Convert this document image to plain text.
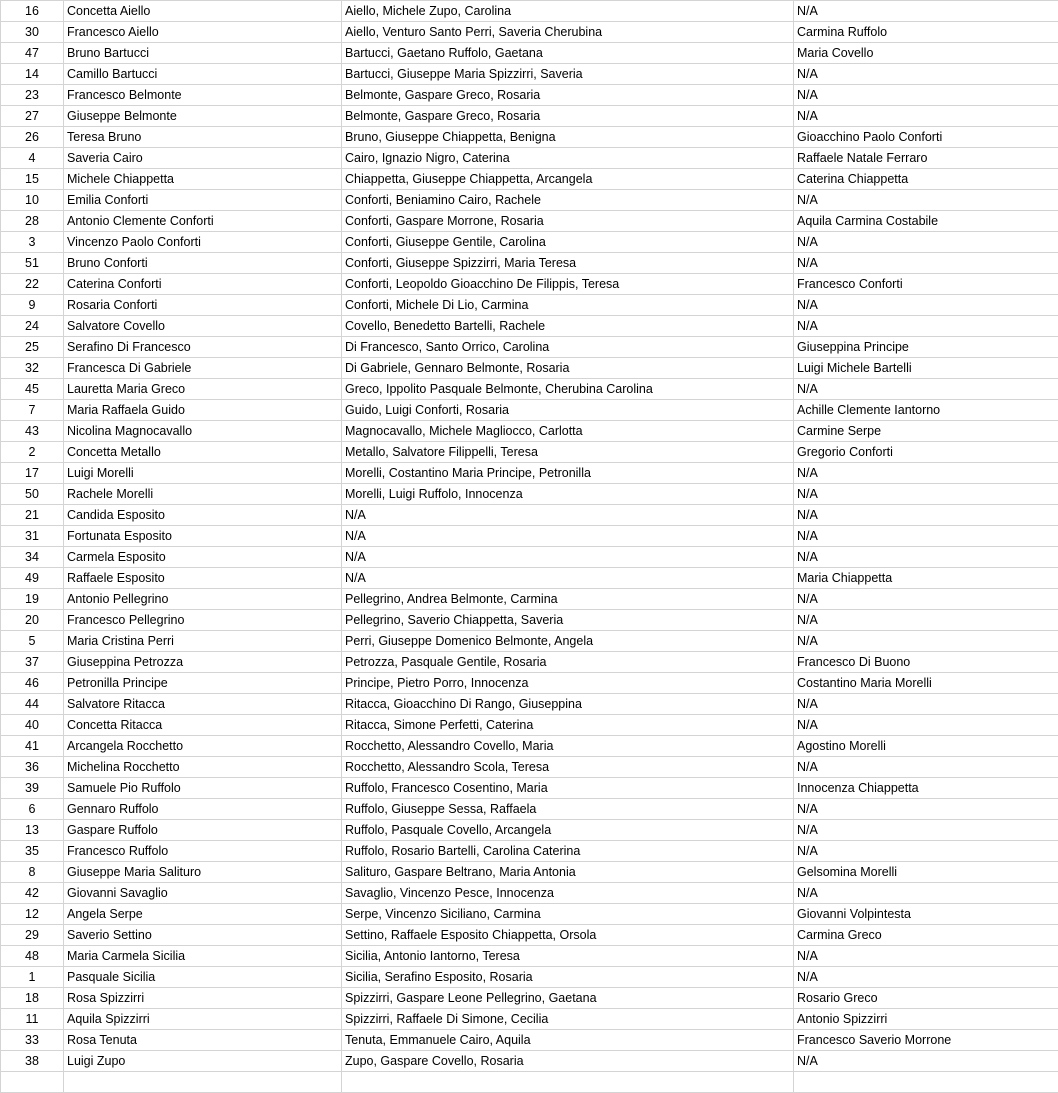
16	Concetta Aiello	Aiello, Michele Zupo, Carolina	N/A
30	Francesco Aiello	Aiello, Venturo Santo Perri, Saveria Cherubina	Carmina Ruffolo
47	Bruno Bartucci	Bartucci, Gaetano Ruffolo, Gaetana	Maria Covello
14	Camillo Bartucci	Bartucci, Giuseppe Maria Spizzirri, Saveria	N/A
23	Francesco Belmonte	Belmonte, Gaspare Greco, Rosaria	N/A
27	Giuseppe Belmonte	Belmonte, Gaspare Greco, Rosaria	N/A
26	Teresa Bruno	Bruno, Giuseppe Chiappetta, Benigna	Gioacchino Paolo Conforti
4	Saveria Cairo	Cairo, Ignazio Nigro, Caterina	Raffaele Natale Ferraro
15	Michele Chiappetta	Chiappetta, Giuseppe Chiappetta, Arcangela	Caterina Chiappetta
10	Emilia Conforti	Conforti, Beniamino Cairo, Rachele	N/A
28	Antonio Clemente Conforti	Conforti, Gaspare Morrone, Rosaria	Aquila Carmina Costabile
3	Vincenzo Paolo Conforti	Conforti, Giuseppe Gentile, Carolina	N/A
51	Bruno Conforti	Conforti, Giuseppe Spizzirri, Maria Teresa	N/A
22	Caterina Conforti	Conforti, Leopoldo Gioacchino De Filippis, Teresa	Francesco Conforti
9	Rosaria Conforti	Conforti, Michele Di Lio, Carmina	N/A
24	Salvatore Covello	Covello, Benedetto Bartelli, Rachele	N/A
25	Serafino Di Francesco	Di Francesco, Santo Orrico, Carolina	Giuseppina Principe
32	Francesca Di Gabriele	Di Gabriele, Gennaro Belmonte, Rosaria	Luigi Michele Bartelli
45	Lauretta Maria Greco	Greco, Ippolito Pasquale Belmonte, Cherubina Carolina	N/A
7	Maria Raffaela Guido	Guido, Luigi Conforti, Rosaria	Achille Clemente Iantorno
43	Nicolina Magnocavallo	Magnocavallo, Michele Magliocco, Carlotta	Carmine Serpe
2	Concetta Metallo	Metallo, Salvatore Filippelli, Teresa	Gregorio Conforti
17	Luigi Morelli	Morelli, Costantino Maria Principe, Petronilla	N/A
50	Rachele Morelli	Morelli, Luigi Ruffolo, Innocenza	N/A
21	Candida Esposito	N/A	N/A
31	Fortunata Esposito	N/A	N/A
34	Carmela Esposito	N/A	N/A
49	Raffaele Esposito	N/A	Maria Chiappetta
19	Antonio Pellegrino	Pellegrino, Andrea Belmonte, Carmina	N/A
20	Francesco Pellegrino	Pellegrino, Saverio Chiappetta, Saveria	N/A
5	Maria Cristina Perri	Perri, Giuseppe Domenico Belmonte, Angela	N/A
37	Giuseppina Petrozza	Petrozza, Pasquale Gentile, Rosaria	Francesco Di Buono
46	Petronilla Principe	Principe, Pietro Porro, Innocenza	Costantino Maria Morelli
44	Salvatore Ritacca	Ritacca, Gioacchino Di Rango, Giuseppina	N/A
40	Concetta Ritacca	Ritacca, Simone Perfetti, Caterina	N/A
41	Arcangela Rocchetto	Rocchetto, Alessandro Covello, Maria	Agostino Morelli
36	Michelina Rocchetto	Rocchetto, Alessandro Scola, Teresa	N/A
39	Samuele Pio Ruffolo	Ruffolo, Francesco Cosentino, Maria	Innocenza Chiappetta
6	Gennaro Ruffolo	Ruffolo, Giuseppe Sessa, Raffaela	N/A
13	Gaspare Ruffolo	Ruffolo, Pasquale Covello, Arcangela	N/A
35	Francesco Ruffolo	Ruffolo, Rosario Bartelli, Carolina Caterina	N/A
8	Giuseppe Maria Salituro	Salituro, Gaspare Beltrano, Maria Antonia	Gelsomina Morelli
42	Giovanni Savaglio	Savaglio, Vincenzo Pesce, Innocenza	N/A
12	Angela Serpe	Serpe, Vincenzo Siciliano, Carmina	Giovanni Volpintesta
29	Saverio Settino	Settino, Raffaele Esposito Chiappetta, Orsola	Carmina Greco
48	Maria Carmela Sicilia	Sicilia, Antonio Iantorno, Teresa	N/A
1	Pasquale Sicilia	Sicilia, Serafino Esposito, Rosaria	N/A
18	Rosa Spizzirri	Spizzirri, Gaspare Leone Pellegrino, Gaetana	Rosario Greco
11	Aquila Spizzirri	Spizzirri, Raffaele Di Simone, Cecilia	Antonio Spizzirri
33	Rosa Tenuta	Tenuta, Emmanuele Cairo, Aquila	Francesco Saverio Morrone
38	Luigi Zupo	Zupo, Gaspare Covello, Rosaria	N/A
